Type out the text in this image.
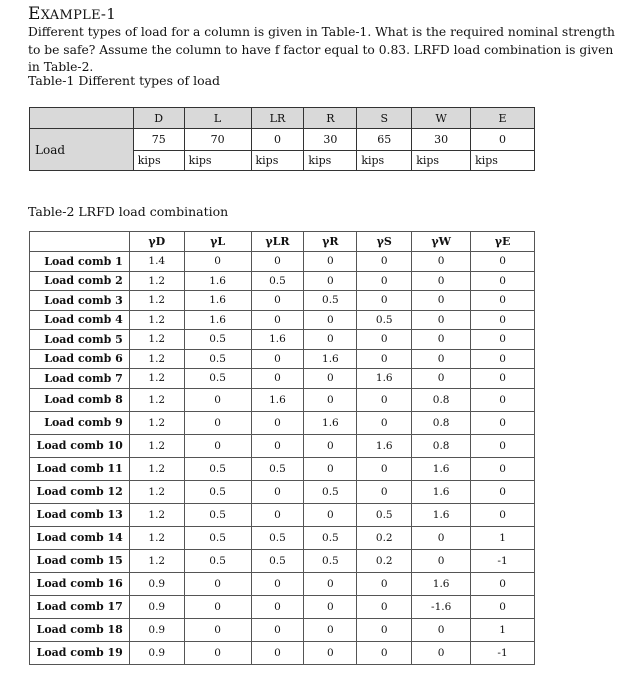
EXAMPLE-1
Different types of load for a column is given in Table-1. What is the required nominal strength to be safe? Assume the column to have f factor equal to 0.83. LRFD load combination is given in Table-2.
Table-1 Different types of load
	D	L	LR	R	S	W	E
Load	75	70	0	30	65	30	0
	kips	kips	kips	kips	kips	kips	kips
Table-2 LRFD load combination
	γD	γL	γLR	γR	γS	γW	γE
Load comb 1	1.4	0	0	0	0	0	0
Load comb 2	1.2	1.6	0.5	0	0	0	0
Load comb 3	1.2	1.6	0	0.5	0	0	0
Load comb 4	1.2	1.6	0	0	0.5	0	0
Load comb 5	1.2	0.5	1.6	0	0	0	0
Load comb 6	1.2	0.5	0	1.6	0	0	0
Load comb 7	1.2	0.5	0	0	1.6	0	0
Load comb 8	1.2	0	1.6	0	0	0.8	0
Load comb 9	1.2	0	0	1.6	0	0.8	0
Load comb 10	1.2	0	0	0	1.6	0.8	0
Load comb 11	1.2	0.5	0.5	0	0	1.6	0
Load comb 12	1.2	0.5	0	0.5	0	1.6	0
Load comb 13	1.2	0.5	0	0	0.5	1.6	0
Load comb 14	1.2	0.5	0.5	0.5	0.2	0	1
Load comb 15	1.2	0.5	0.5	0.5	0.2	0	-1
Load comb 16	0.9	0	0	0	0	1.6	0
Load comb 17	0.9	0	0	0	0	-1.6	0
Load comb 18	0.9	0	0	0	0	0	1
Load comb 19	0.9	0	0	0	0	0	-1
